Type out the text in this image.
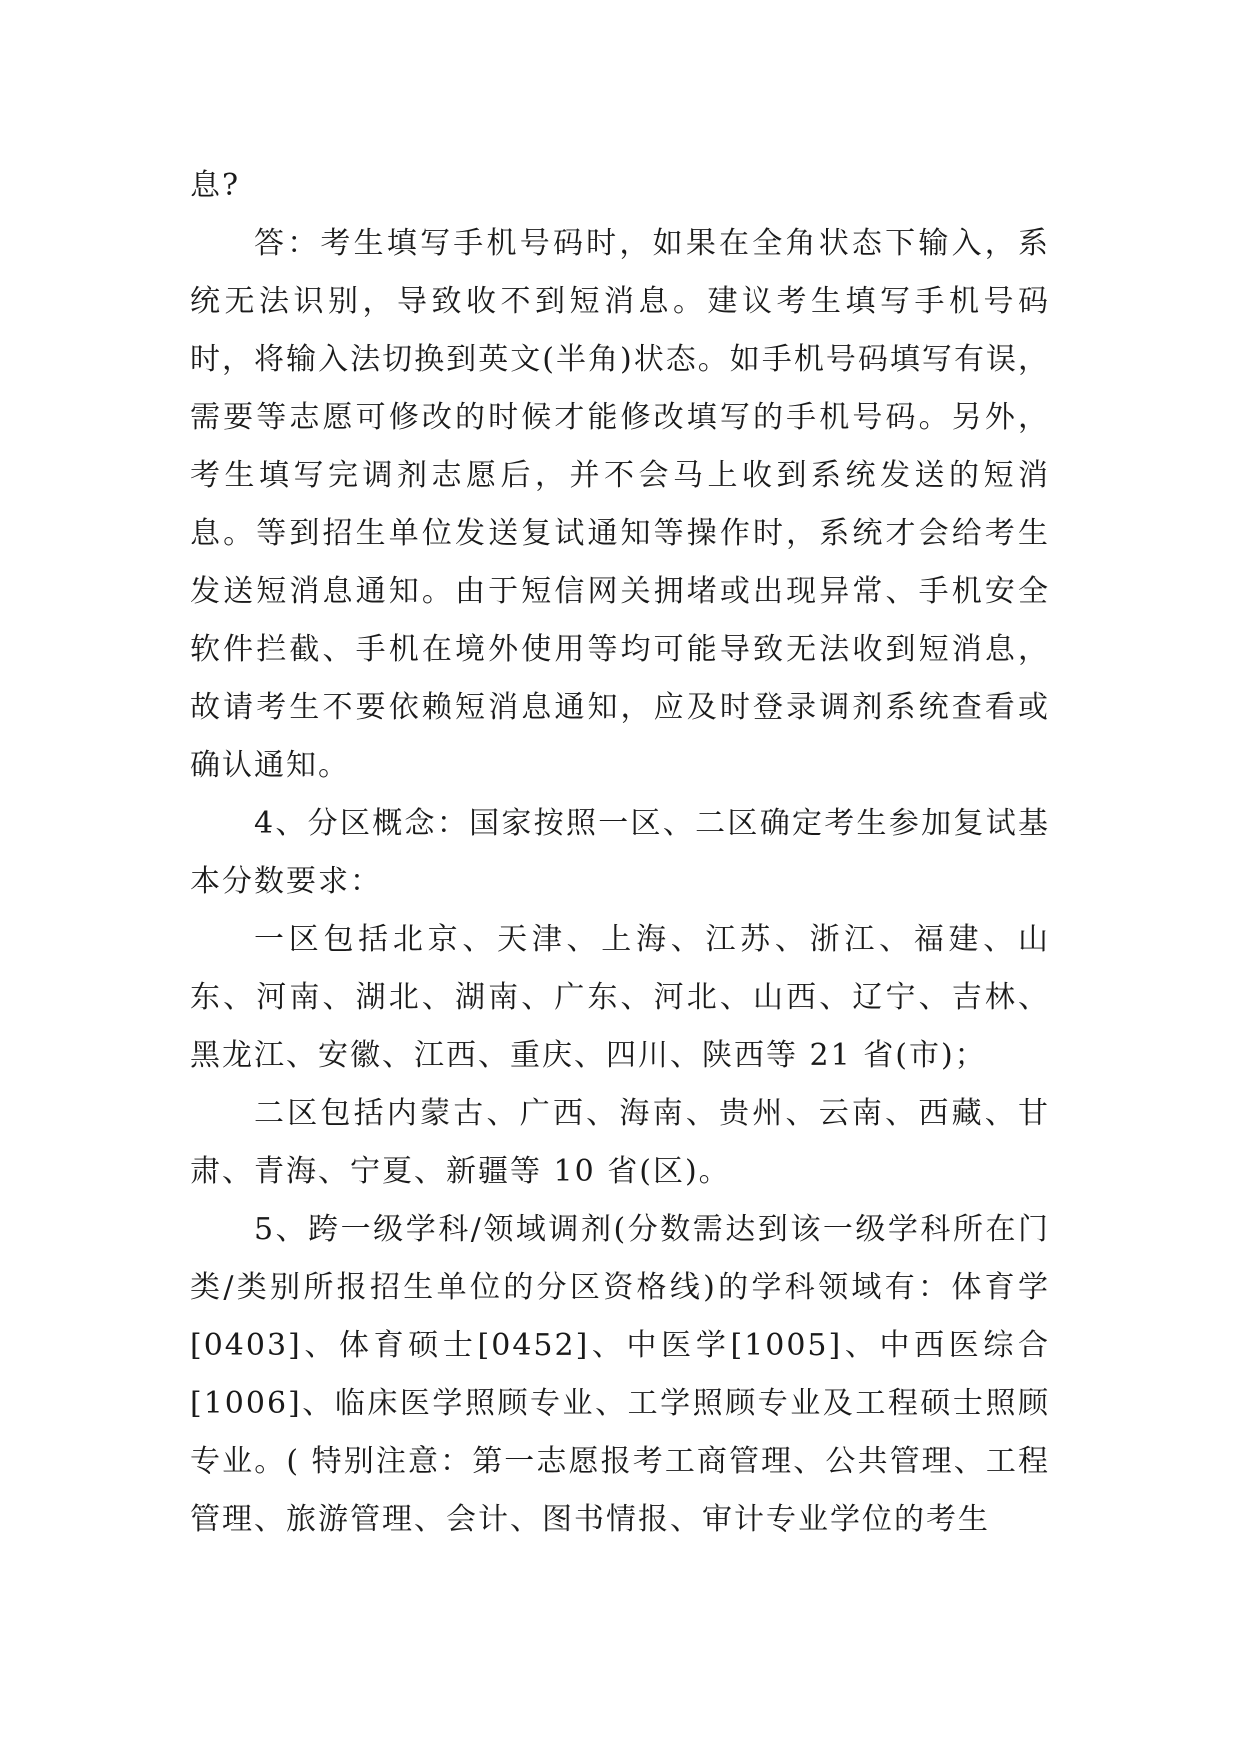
息?

答：考生填写手机号码时，如果在全角状态下输入，系统无法识别，导致收不到短消息。建议考生填写手机号码时，将输入法切换到英文(半角)状态。如手机号码填写有误，需要等志愿可修改的时候才能修改填写的手机号码。另外，考生填写完调剂志愿后，并不会马上收到系统发送的短消息。等到招生单位发送复试通知等操作时，系统才会给考生发送短消息通知。由于短信网关拥堵或出现异常、手机安全软件拦截、手机在境外使用等均可能导致无法收到短消息，故请考生不要依赖短消息通知，应及时登录调剂系统查看或确认通知。

4、分区概念：国家按照一区、二区确定考生参加复试基本分数要求：

一区包括北京、天津、上海、江苏、浙江、福建、山东、河南、湖北、湖南、广东、河北、山西、辽宁、吉林、黑龙江、安徽、江西、重庆、四川、陕西等 21 省(市)；

二区包括内蒙古、广西、海南、贵州、云南、西藏、甘肃、青海、宁夏、新疆等 10 省(区)。

5、跨一级学科/领域调剂(分数需达到该一级学科所在门类/类别所报招生单位的分区资格线)的学科领域有：体育学[0403]、体育硕士[0452]、中医学[1005]、中西医综合[1006]、临床医学照顾专业、工学照顾专业及工程硕士照顾专业。( 特别注意：第一志愿报考工商管理、公共管理、工程管理、旅游管理、会计、图书情报、审计专业学位的考生
